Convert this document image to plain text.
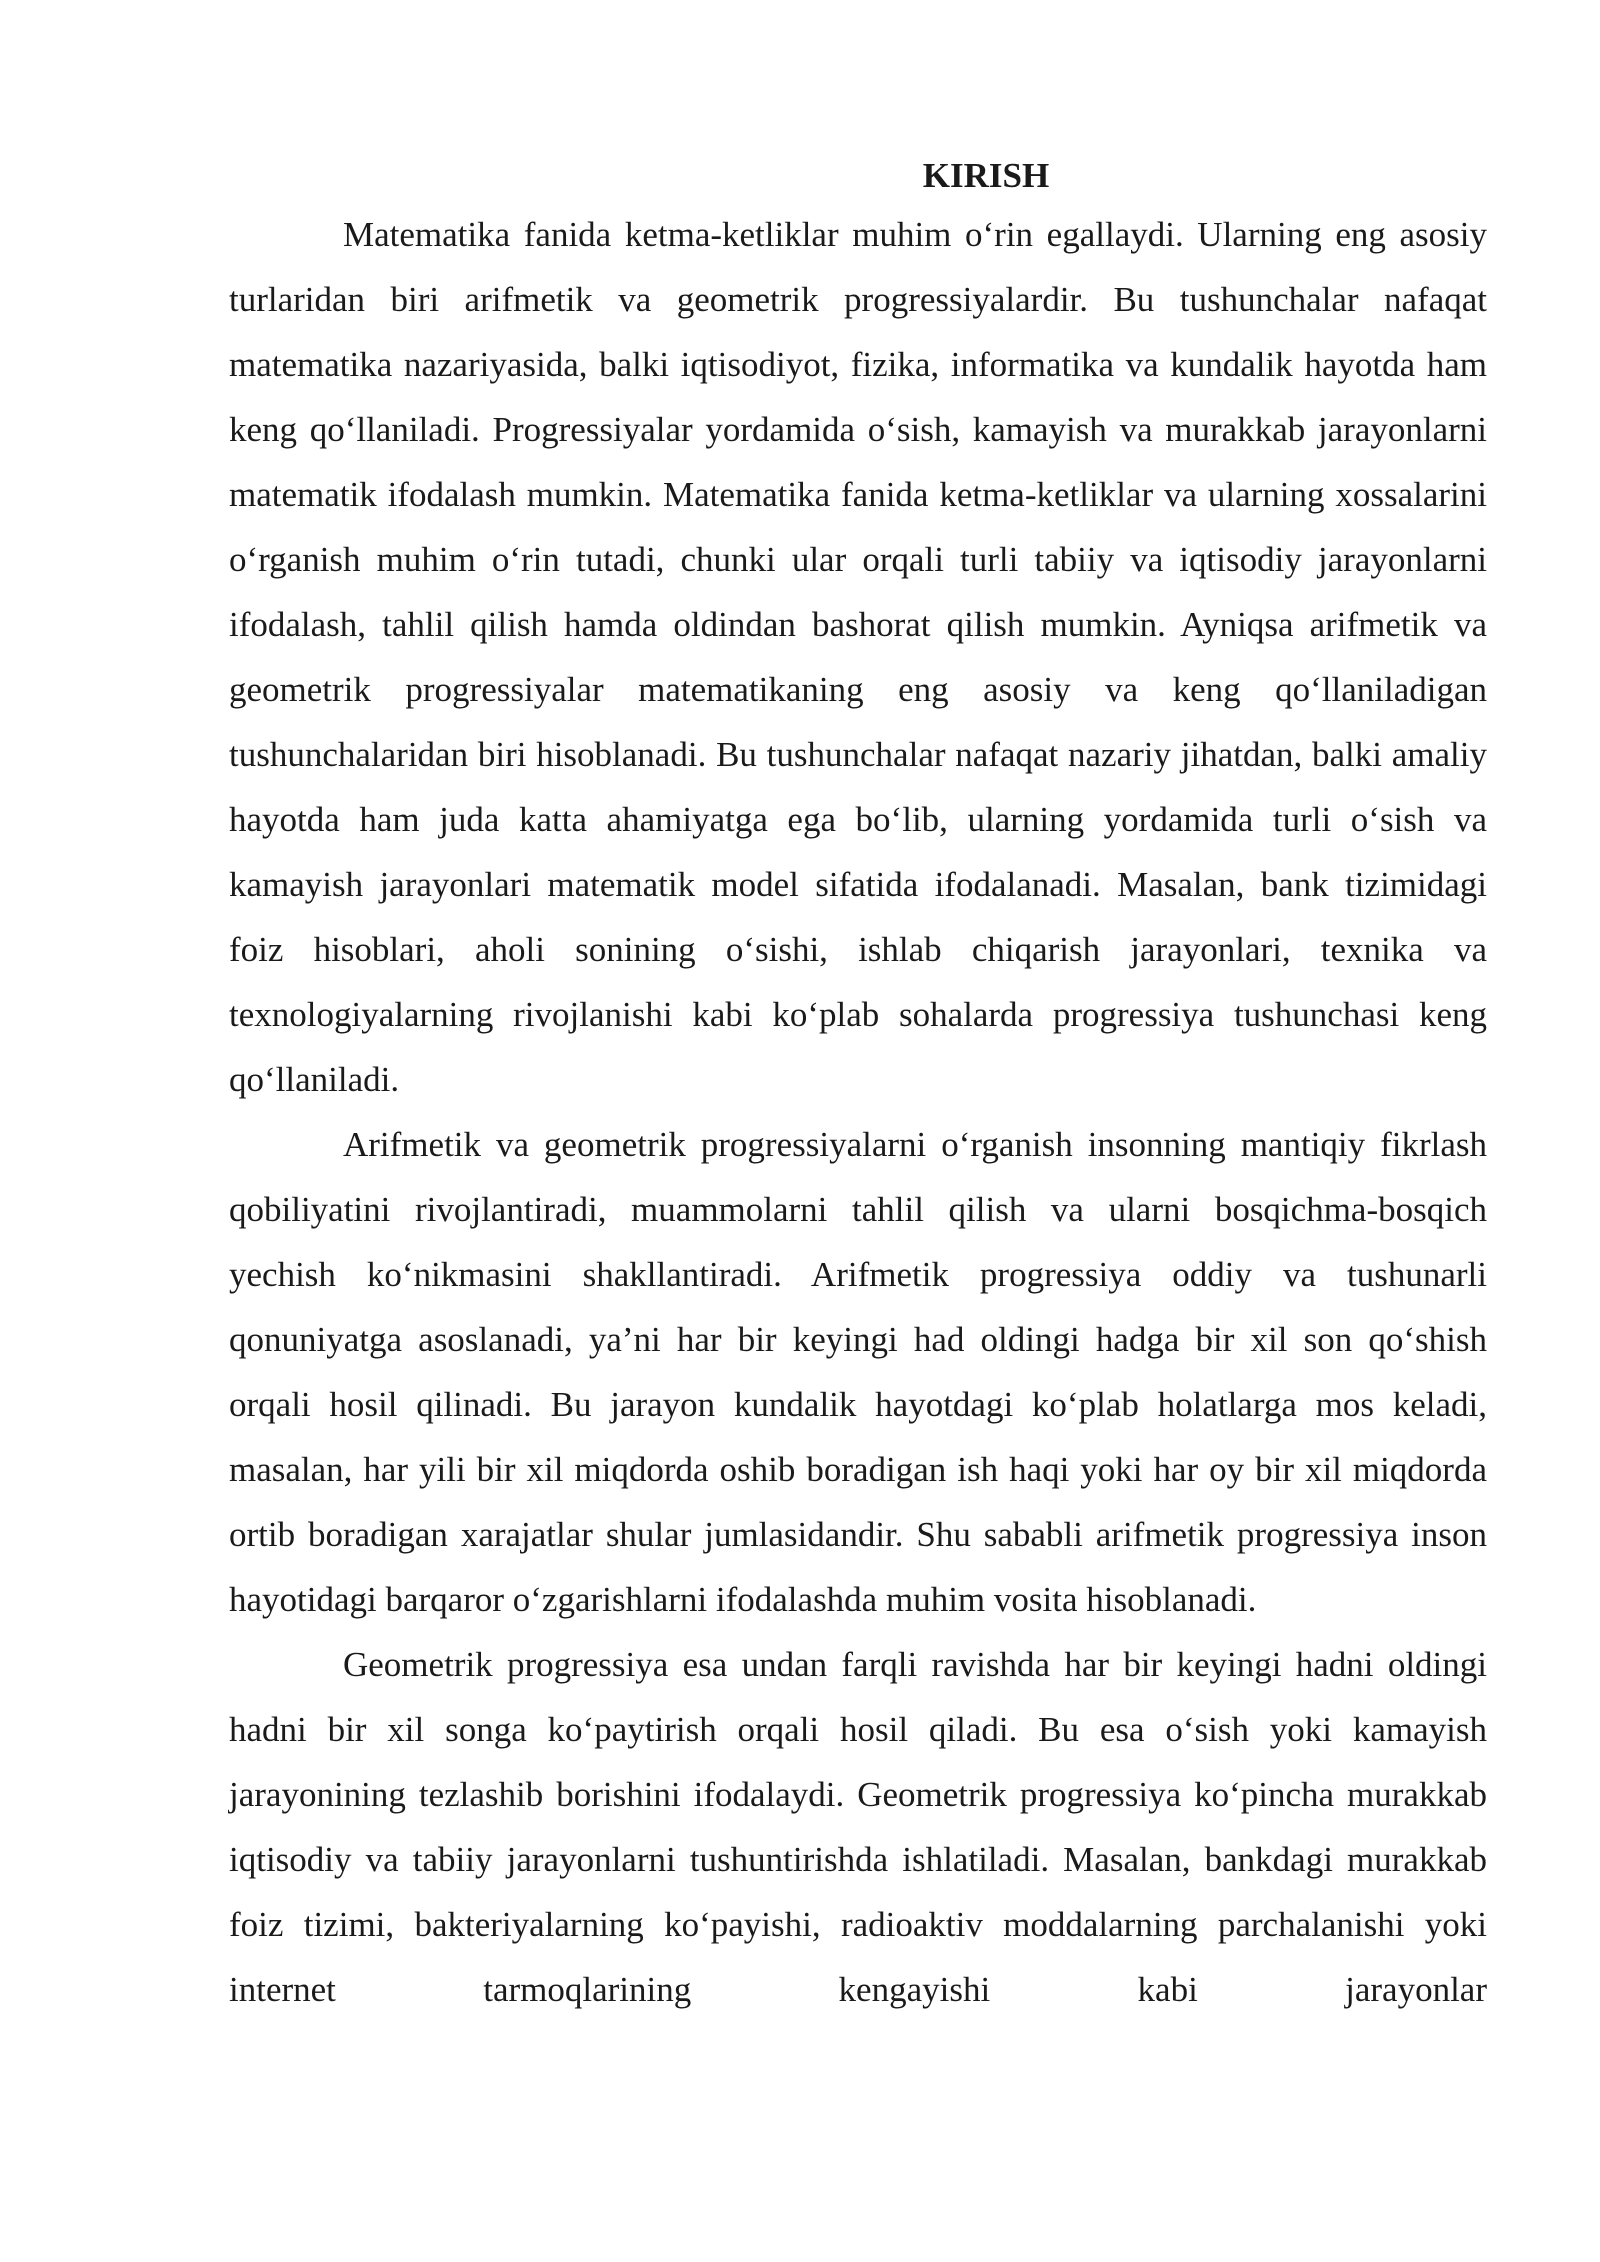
KIRISH

Matematika fanida ketma-ketliklar muhim o‘rin egallaydi. Ularning eng asosiy turlaridan biri arifmetik va geometrik progressiyalardir. Bu tushunchalar nafaqat matematika nazariyasida, balki iqtisodiyot, fizika, informatika va kundalik hayotda ham keng qo‘llaniladi. Progressiyalar yordamida o‘sish, kamayish va murakkab jarayonlarni matematik ifodalash mumkin. Matematika fanida ketma-ketliklar va ularning xossalarini o‘rganish muhim o‘rin tutadi, chunki ular orqali turli tabiiy va iqtisodiy jarayonlarni ifodalash, tahlil qilish hamda oldindan bashorat qilish mumkin. Ayniqsa arifmetik va geometrik progressiyalar matematikaning eng asosiy va keng qo‘llaniladigan tushunchalaridan biri hisoblanadi. Bu tushunchalar nafaqat nazariy jihatdan, balki amaliy hayotda ham juda katta ahamiyatga ega bo‘lib, ularning yordamida turli o‘sish va kamayish jarayonlari matematik model sifatida ifodalanadi. Masalan, bank tizimidagi foiz hisoblari, aholi sonining o‘sishi, ishlab chiqarish jarayonlari, texnika va texnologiyalarning rivojlanishi kabi ko‘plab sohalarda progressiya tushunchasi keng qo‘llaniladi.

Arifmetik va geometrik progressiyalarni o‘rganish insonning mantiqiy fikrlash qobiliyatini rivojlantiradi, muammolarni tahlil qilish va ularni bosqichma-bosqich yechish ko‘nikmasini shakllantiradi. Arifmetik progressiya oddiy va tushunarli qonuniyatga asoslanadi, ya’ni har bir keyingi had oldingi hadga bir xil son qo‘shish orqali hosil qilinadi. Bu jarayon kundalik hayotdagi ko‘plab holatlarga mos keladi, masalan, har yili bir xil miqdorda oshib boradigan ish haqi yoki har oy bir xil miqdorda ortib boradigan xarajatlar shular jumlasidandir. Shu sababli arifmetik progressiya inson hayotidagi barqaror o‘zgarishlarni ifodalashda muhim vosita hisoblanadi.

Geometrik progressiya esa undan farqli ravishda har bir keyingi hadni oldingi hadni bir xil songa ko‘paytirish orqali hosil qiladi. Bu esa o‘sish yoki kamayish jarayonining tezlashib borishini ifodalaydi. Geometrik progressiya ko‘pincha murakkab iqtisodiy va tabiiy jarayonlarni tushuntirishda ishlatiladi. Masalan, bankdagi murakkab foiz tizimi, bakteriyalarning ko‘payishi, radioaktiv moddalarning parchalanishi yoki internet tarmoqlarining kengayishi kabi jarayonlar
